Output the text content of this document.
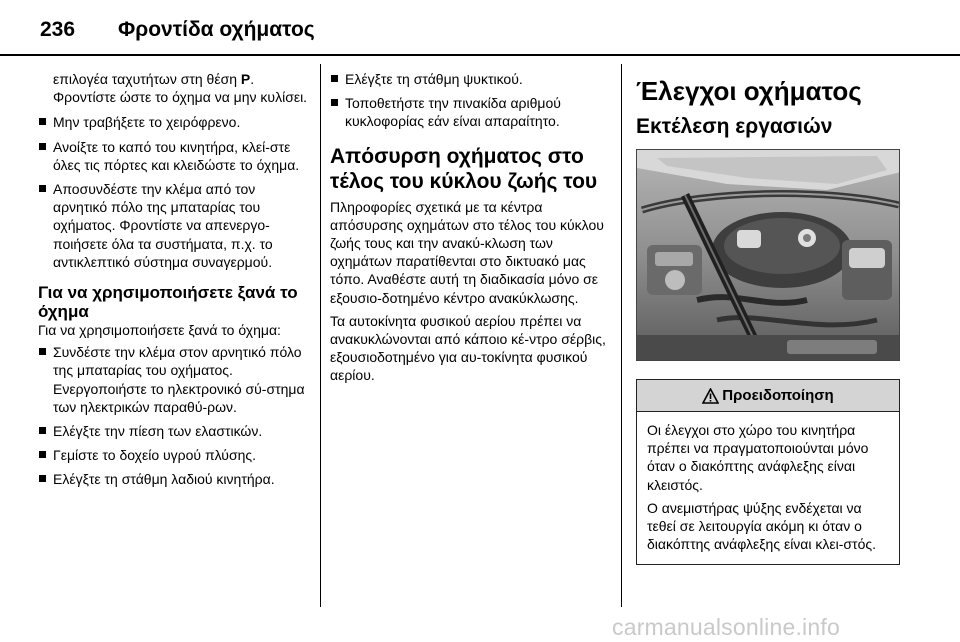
236 Φροντίδα οχήματος

επιλογέα ταχυτήτων στη θέση P. Φροντίστε ώστε το όχημα να μην κυλίσει.

Μην τραβήξετε το χειρόφρενο.
Ανοίξτε το καπό του κινητήρα, κλεί-στε όλες τις πόρτες και κλειδώστε το όχημα.
Αποσυνδέστε την κλέμα από τον αρνητικό πόλο της μπαταρίας του οχήματος. Φροντίστε να απενεργο-ποιήσετε όλα τα συστήματα, π.χ. το αντικλεπτικό σύστημα συναγερμού.
Για να χρησιμοποιήσετε ξανά το όχημα

Για να χρησιμοποιήσετε ξανά το όχημα:

Συνδέστε την κλέμα στον αρνητικό πόλο της μπαταρίας του οχήματος. Ενεργοποιήστε το ηλεκτρονικό σύ-στημα των ηλεκτρικών παραθύ-ρων.
Ελέγξτε την πίεση των ελαστικών.
Γεμίστε το δοχείο υγρού πλύσης.
Ελέγξτε τη στάθμη λαδιού κινητήρα.
Ελέγξτε τη στάθμη ψυκτικού.
Τοποθετήστε την πινακίδα αριθμού κυκλοφορίας εάν είναι απαραίτητο.
Απόσυρση οχήματος στο τέλος του κύκλου ζωής του

Πληροφορίες σχετικά με τα κέντρα απόσυρσης οχημάτων στο τέλος του κύκλου ζωής τους και την ανακύ-κλωση των οχημάτων παρατίθενται στο δικτυακό μας τόπο. Αναθέστε αυτή τη διαδικασία μόνο σε εξουσιο-δοτημένο κέντρο ανακύκλωσης.

Τα αυτοκίνητα φυσικού αερίου πρέπει να ανακυκλώνονται από κάποιο κέ-ντρο σέρβις, εξουσιοδοτημένο για αυ-τοκίνητα φυσικού αερίου.

Έλεγχοι οχήματος
Εκτέλεση εργασιών
Προειδοποίηση

Οι έλεγχοι στο χώρο του κινητήρα πρέπει να πραγματοποιούνται μόνο όταν ο διακόπτης ανάφλεξης είναι κλειστός.

Ο ανεμιστήρας ψύξης ενδέχεται να τεθεί σε λειτουργία ακόμη κι όταν ο διακόπτης ανάφλεξης είναι κλει-στός.

carmanualsonline.info
